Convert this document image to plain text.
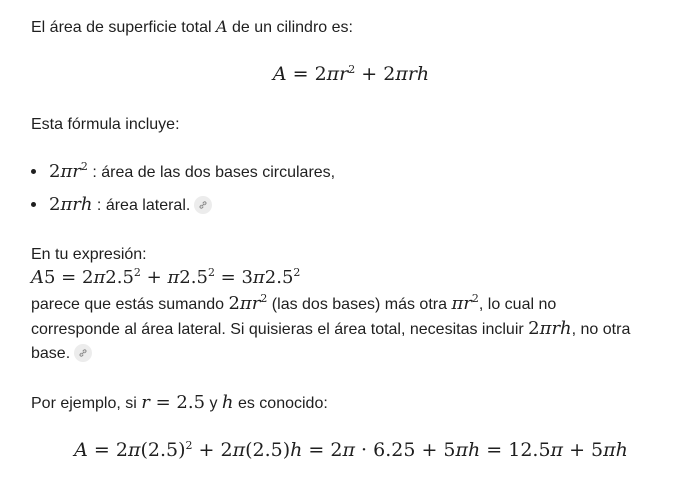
El área de superficie total A de un cilindro es:
$A = 2\pi r^2 + 2\pi rh$
Esta fórmula incluye:
$2\pi r^2$ : área de las dos bases circulares,
2πrh : área lateral.
En tu expresión:
$A5 = 2\pi 2.5^2 + \pi 2.5^2 = 3\pi 2.5^2$
parece que estás sumando $2\pi r^2$ (las dos bases) más otra $\pi r^2$, lo cual no
corresponde al área lateral. Si quisieras el área total, necesitas incluir 2πrh, no otra
base.
Por ejemplo, si r = 2.5 y h es conocido:
$A = 2\pi(2.5)^2 + 2\pi(2.5)h = 2\pi \cdot 6.25 + 5\pi h = 12.5\pi + 5\pi h$
